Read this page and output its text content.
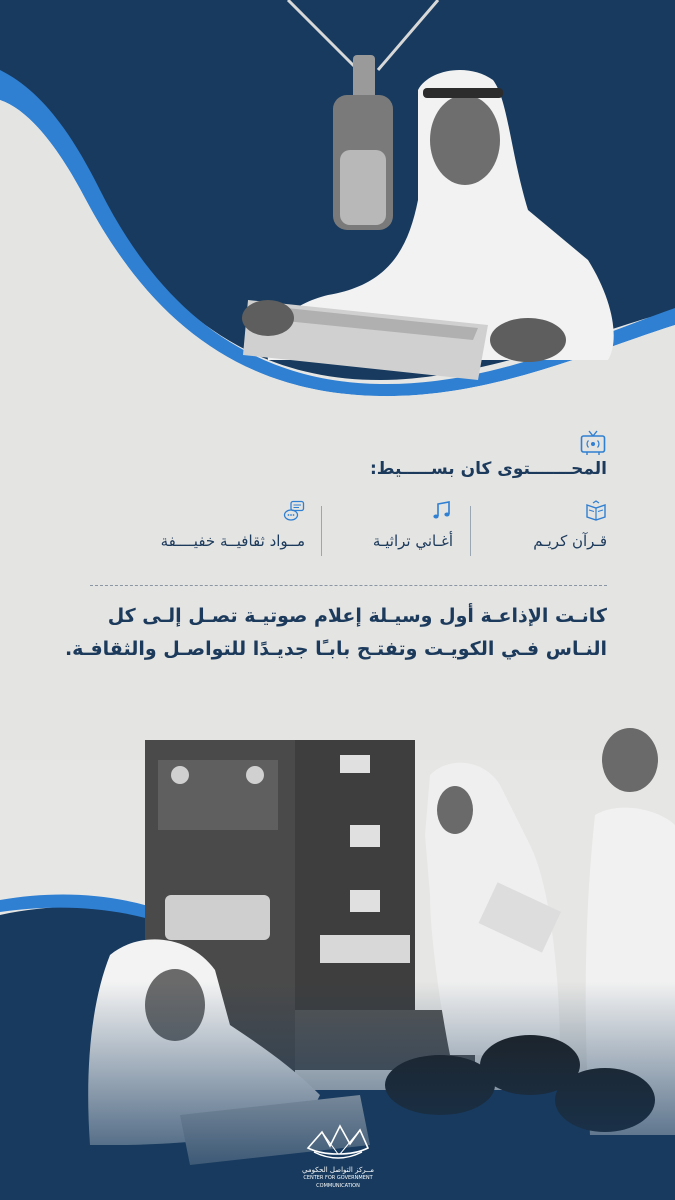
المحـــــــتوى كان بســـــيط:
قـرآن كريـم
أغـاني تراثيـة
مــواد ثقافيــة خفيــــفة
كانـت الإذاعـة أول وسيـلة إعلام صوتيـة تصـل إلـى كل
النـاس فـي الكويـت وتفتـح بابـًا جديـدًا للتواصـل والثقافـة.
مــركز التواصل الحكومي
CENTER FOR GOVERNMENT COMMUNICATION
